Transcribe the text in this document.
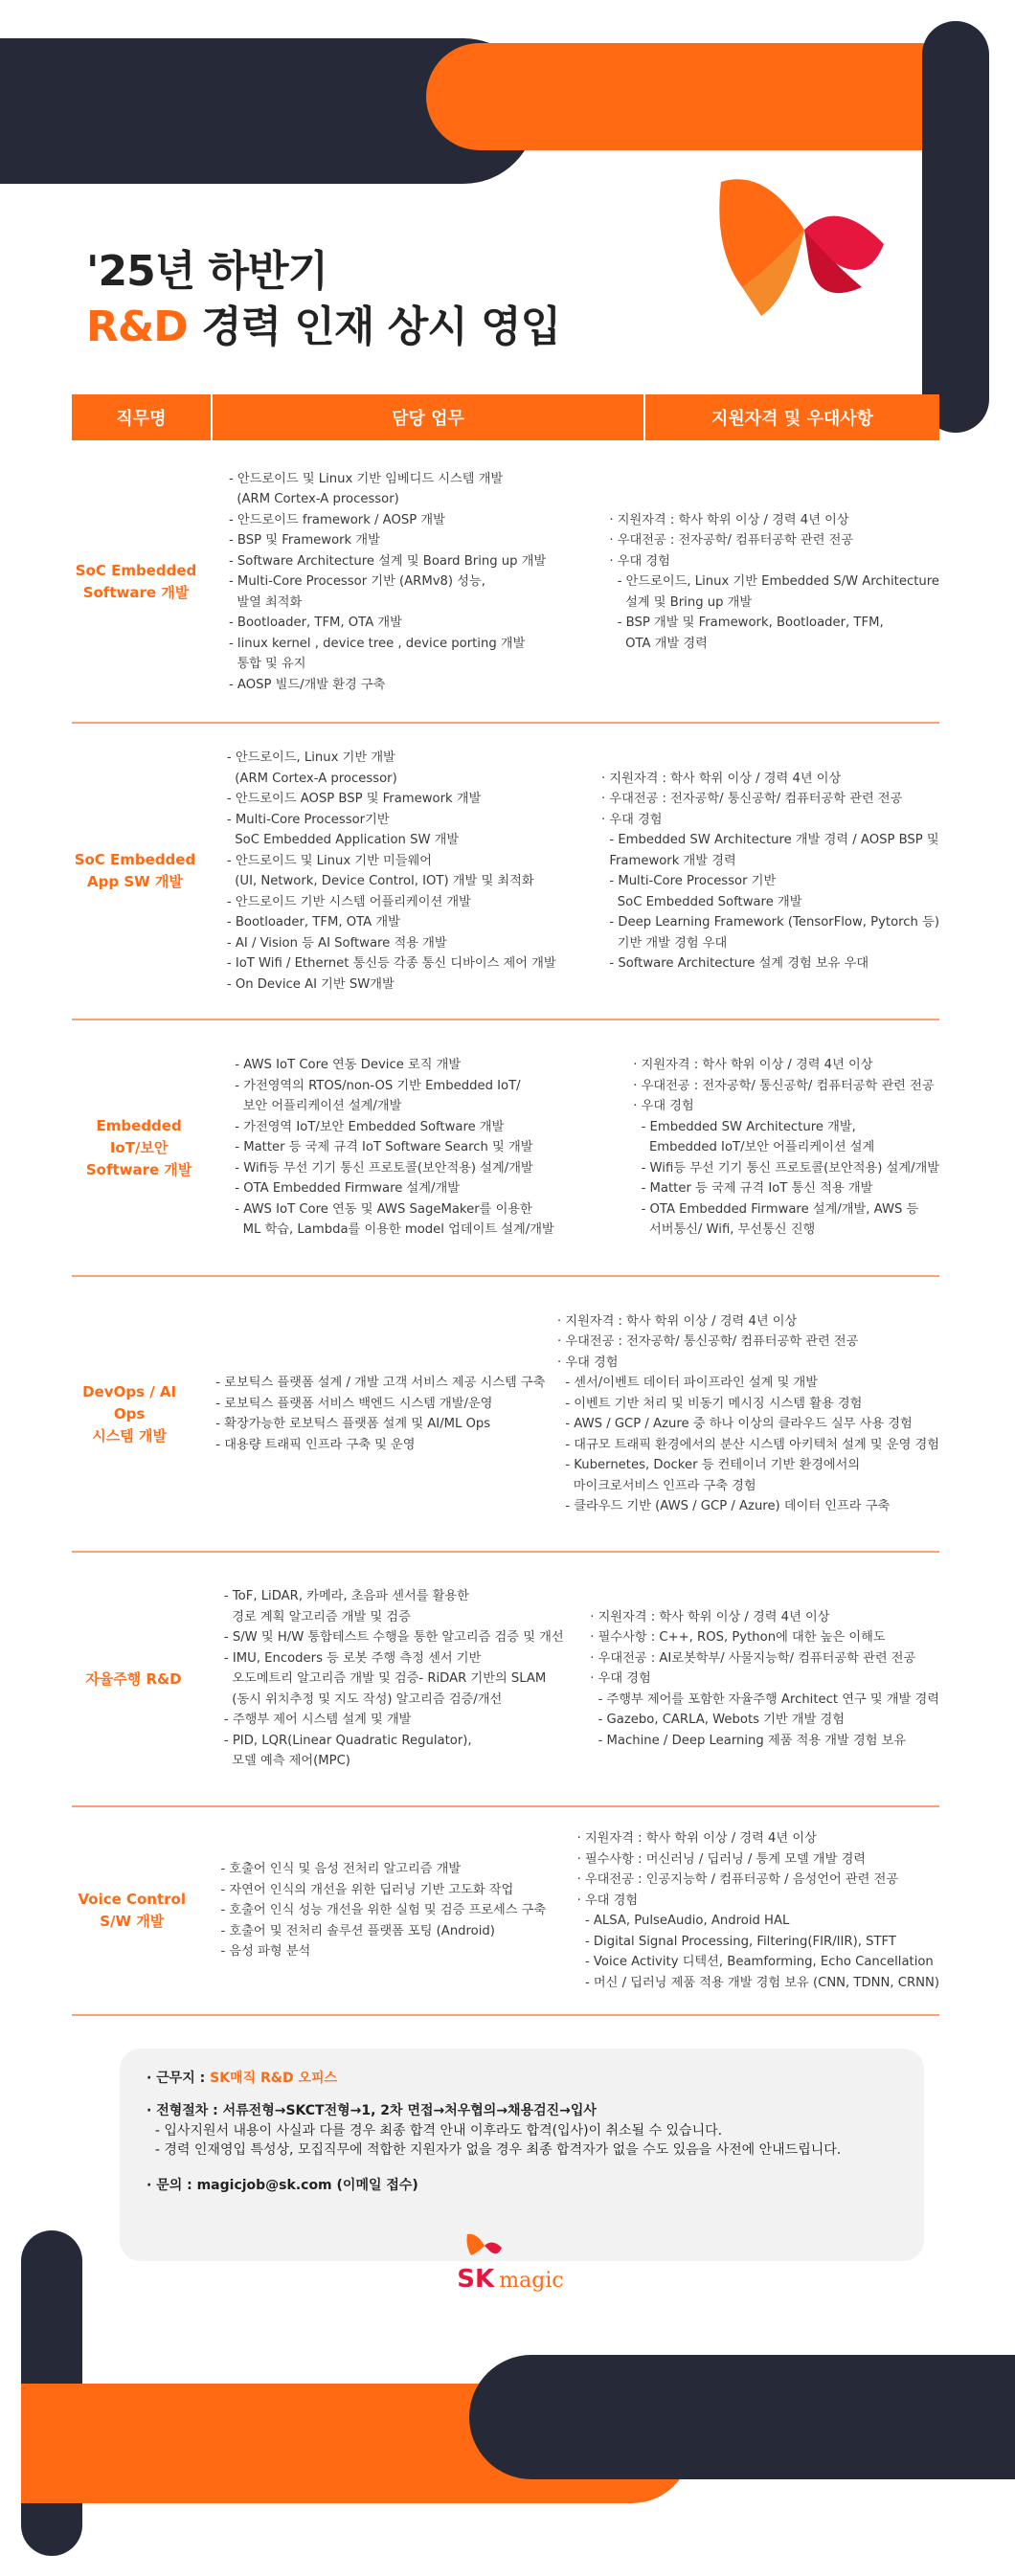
'25년 하반기
R&D 경력 인재 상시 영입
직무명	담당 업무	지원자격 및 우대사항
SoC Embedded
Software 개발
- 안드로이드 및 Linux 기반 임베디드 시스템 개발
(ARM Cortex-A processor)
- 안드로이드 framework / AOSP 개발
- BSP 및 Framework 개발
- Software Architecture 설계 및 Board Bring up 개발
- Multi-Core Processor 기반 (ARMv8) 성능,
발열 최적화
- Bootloader, TFM, OTA 개발
- linux kernel , device tree , device porting 개발
통합 및 유지
- AOSP 빌드/개발 환경 구축
· 지원자격 : 학사 학위 이상 / 경력 4년 이상
· 우대전공 : 전자공학/ 컴퓨터공학 관련 전공
· 우대 경험
- 안드로이드, Linux 기반 Embedded S/W Architecture
설계 및 Bring up 개발
- BSP 개발 및 Framework, Bootloader, TFM,
OTA 개발 경력
SoC Embedded
App SW 개발
- 안드로이드, Linux 기반 개발
(ARM Cortex-A processor)
- 안드로이드 AOSP BSP 및 Framework 개발
- Multi-Core Processor기반
SoC Embedded Application SW 개발
- 안드로이드 및 Linux 기반 미들웨어
(UI, Network, Device Control, IOT) 개발 및 최적화
- 안드로이드 기반 시스템 어플리케이션 개발
- Bootloader, TFM, OTA 개발
- AI / Vision 등 AI Software 적용 개발
- IoT Wifi / Ethernet 통신등 각종 통신 디바이스 제어 개발
- On Device AI 기반 SW개발
· 지원자격 : 학사 학위 이상 / 경력 4년 이상
· 우대전공 : 전자공학/ 통신공학/ 컴퓨터공학 관련 전공
· 우대 경험
- Embedded SW Architecture 개발 경력 / AOSP BSP 및
Framework 개발 경력
- Multi-Core Processor 기반
SoC Embedded Software 개발
- Deep Learning Framework (TensorFlow, Pytorch 등)
기반 개발 경험 우대
- Software Architecture 설계 경험 보유 우대
Embedded
IoT/보안
Software 개발
- AWS IoT Core 연동 Device 로직 개발
- 가전영역의 RTOS/non-OS 기반 Embedded IoT/
보안 어플리케이션 설계/개발
- 가전영역 IoT/보안 Embedded Software 개발
- Matter 등 국제 규격 IoT Software Search 및 개발
- Wifi등 무선 기기 통신 프로토콜(보안적용) 설계/개발
- OTA Embedded Firmware 설계/개발
- AWS IoT Core 연동 및 AWS SageMaker를 이용한
ML 학습, Lambda를 이용한 model 업데이트 설계/개발
· 지원자격 : 학사 학위 이상 / 경력 4년 이상
· 우대전공 : 전자공학/ 통신공학/ 컴퓨터공학 관련 전공
· 우대 경험
- Embedded SW Architecture 개발,
Embedded IoT/보안 어플리케이션 설계
- Wifi등 무선 기기 통신 프로토콜(보안적용) 설계/개발
- Matter 등 국제 규격 IoT 통신 적용 개발
- OTA Embedded Firmware 설계/개발, AWS 등
서버통신/ Wifi, 무선통신 진행
DevOps / AI Ops
시스템 개발
- 로보틱스 플랫폼 설계 / 개발 고객 서비스 제공 시스템 구축
- 로보틱스 플랫폼 서비스 백엔드 시스템 개발/운영
- 확장가능한 로보틱스 플랫폼 설계 및 AI/ML Ops
- 대용량 트래픽 인프라 구축 및 운영
· 지원자격 : 학사 학위 이상 / 경력 4년 이상
· 우대전공 : 전자공학/ 통신공학/ 컴퓨터공학 관련 전공
· 우대 경험
- 센서/이벤트 데이터 파이프라인 설계 및 개발
- 이벤트 기반 처리 및 비동기 메시징 시스템 활용 경험
- AWS / GCP / Azure 중 하나 이상의 클라우드 실무 사용 경험
- 대규모 트래픽 환경에서의 분산 시스템 아키텍처 설계 및 운영 경험
- Kubernetes, Docker 등 컨테이너 기반 환경에서의
마이크로서비스 인프라 구축 경험
- 클라우드 기반 (AWS / GCP / Azure) 데이터 인프라 구축
자율주행 R&D
- ToF, LiDAR, 카메라, 초음파 센서를 활용한
경로 계획 알고리즘 개발 및 검증
- S/W 및 H/W 통합테스트 수행을 통한 알고리즘 검증 및 개선
- IMU, Encoders 등 로봇 주행 측정 센서 기반
오도메트리 알고리즘 개발 및 검증- RiDAR 기반의 SLAM
(동시 위치추정 및 지도 작성) 알고리즘 검증/개선
- 주행부 제어 시스템 설계 및 개발
- PID, LQR(Linear Quadratic Regulator),
모델 예측 제어(MPC)
· 지원자격 : 학사 학위 이상 / 경력 4년 이상
· 필수사항 : C++, ROS, Python에 대한 높은 이해도
· 우대전공 : AI로봇학부/ 사물지능학/ 컴퓨터공학 관련 전공
· 우대 경험
- 주행부 제어를 포함한 자율주행 Architect 연구 및 개발 경력
- Gazebo, CARLA, Webots 기반 개발 경험
- Machine / Deep Learning 제품 적용 개발 경험 보유
Voice Control
S/W 개발
- 호출어 인식 및 음성 전처리 알고리즘 개발
- 자연어 인식의 개선을 위한 딥러닝 기반 고도화 작업
- 호출어 인식 성능 개선을 위한 실험 및 검증 프로세스 구축
- 호출어 및 전처리 솔루션 플랫폼 포팅 (Android)
- 음성 파형 분석
· 지원자격 : 학사 학위 이상 / 경력 4년 이상
· 필수사항 : 머신러닝 / 딥러닝 / 통계 모델 개발 경력
· 우대전공 : 인공지능학 / 컴퓨터공학 / 음성언어 관련 전공
· 우대 경험
- ALSA, PulseAudio, Android HAL
- Digital Signal Processing, Filtering(FIR/IIR), STFT
- Voice Activity 디텍션, Beamforming, Echo Cancellation
- 머신 / 딥러닝 제품 적용 개발 경험 보유 (CNN, TDNN, CRNN)

· 근무지 : SK매직 R&D 오피스

· 전형절차 : 서류전형→SKCT전형→1, 2차 면접→처우협의→채용검진→입사

- 입사지원서 내용이 사실과 다를 경우 최종 합격 안내 이후라도 합격(입사)이 취소될 수 있습니다.

- 경력 인재영입 특성상, 모집직무에 적합한 지원자가 없을 경우 최종 합격자가 없을 수도 있음을 사전에 안내드립니다.

· 문의 : magicjob@sk.com (이메일 접수)

SK magic
